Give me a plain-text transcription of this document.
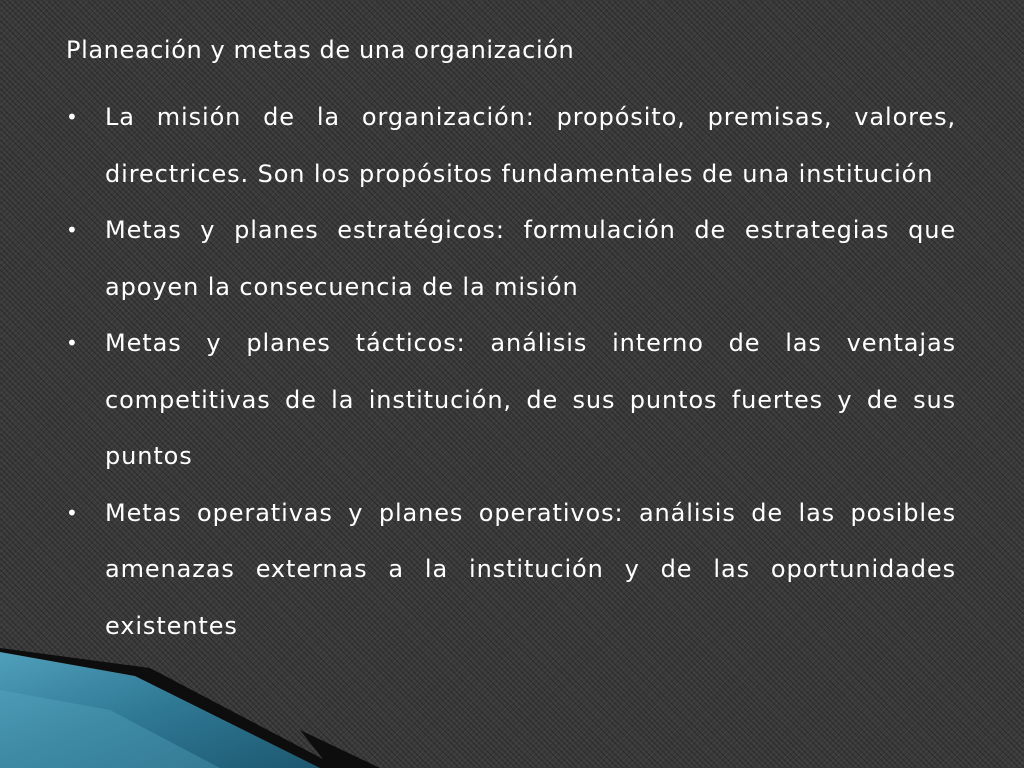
Planeación y metas de una organización
• La misión de la organización: propósito, premisas, valores, directrices. Son los propósitos fundamentales de una institución
• Metas y planes estratégicos: formulación de estrategias que apoyen la consecuencia de la misión
• Metas y planes tácticos: análisis interno de las ventajas competitivas de la institución, de sus puntos fuertes y de sus puntos
• Metas operativas y planes operativos: análisis de las posibles amenazas externas a la institución y de las oportunidades existentes
